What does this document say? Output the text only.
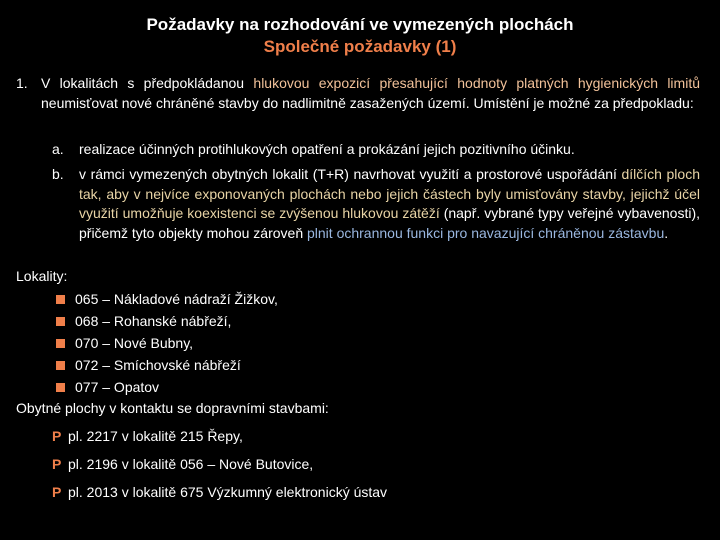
Požadavky na rozhodování ve vymezených plochách
Společné požadavky (1)
1. V lokalitách s předpokládanou hlukovou expozicí přesahující hodnoty platných hygienických limitů neumisťovat nové chráněné stavby do nadlimitně zasažených území. Umístění je možné za předpokladu:
a. realizace účinných protihlukových opatření a prokázání jejich pozitivního účinku.
b. v rámci vymezených obytných lokalit (T+R) navrhovat využití a prostorové uspořádání dílčích ploch tak, aby v nejvíce exponovaných plochách nebo jejich částech byly umisťovány stavby, jejichž účel využití umožňuje koexistenci se zvýšenou hlukovou zátěží (např. vybrané typy veřejné vybavenosti), přičemž tyto objekty mohou zároveň plnit ochrannou funkci pro navazující chráněnou zástavbu.
Lokality:
065 – Nákladové nádraží Žižkov,
068 – Rohanské nábřeží,
070 – Nové Bubny,
072 – Smíchovské nábřeží
077 – Opatov
Obytné plochy v kontaktu se dopravními stavbami:
P pl. 2217 v lokalitě 215 Řepy,
P pl. 2196 v lokalitě 056 – Nové Butovice,
P pl. 2013 v lokalitě 675 Výzkumný elektronický ústav
